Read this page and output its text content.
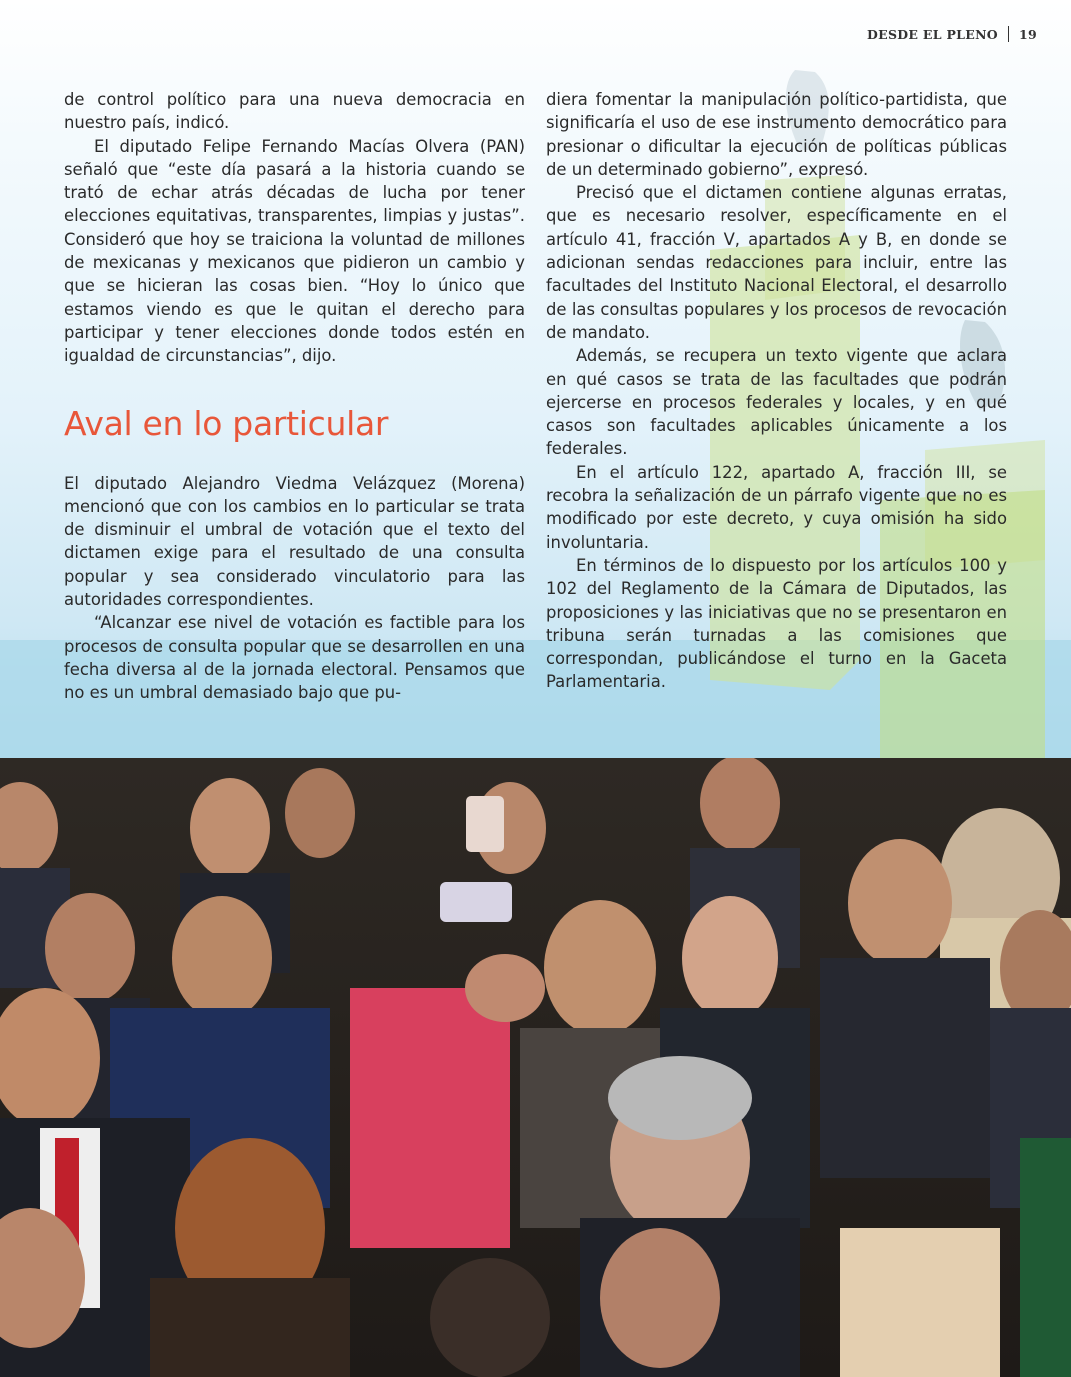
DESDE EL PLENO 19

de control político para una nueva democracia en nuestro país, indicó.

El diputado Felipe Fernando Macías Olvera (PAN) señaló que “este día pasará a la historia cuando se trató de echar atrás décadas de lucha por tener elecciones equitativas, transparentes, limpias y justas”. Consideró que hoy se traiciona la voluntad de millones de mexicanas y mexicanos que pidieron un cambio y que se hicieran las cosas bien. “Hoy lo único que estamos viendo es que le quitan el derecho para participar y tener elecciones donde todos estén en igualdad de circunstancias”, dijo.

Aval en lo particular

El diputado Alejandro Viedma Velázquez (Morena) mencionó que con los cambios en lo particular se trata de disminuir el umbral de votación que el texto del dictamen exige para el resultado de una consulta popular y sea considerado vinculatorio para las autoridades correspondientes.

“Alcanzar ese nivel de votación es factible para los procesos de consulta popular que se desarrollen en una fecha diversa al de la jornada electoral. Pensamos que no es un umbral demasiado bajo que pu-

diera fomentar la manipulación político-partidista, que significaría el uso de ese instrumento democrático para presionar o dificultar la ejecución de políticas públicas de un determinado gobierno”, expresó.

Precisó que el dictamen contiene algunas erratas, que es necesario resolver, específicamente en el artículo 41, fracción V, apartados A y B, en donde se adicionan sendas redacciones para incluir, entre las facultades del Instituto Nacional Electoral, el desarrollo de las consultas populares y los procesos de revocación de mandato.

Además, se recupera un texto vigente que aclara en qué casos se trata de las facultades que podrán ejercerse en procesos federales y locales, y en qué casos son facultades aplicables únicamente a los federales.

En el artículo 122, apartado A, fracción III, se recobra la señalización de un párrafo vigente que no es modificado por este decreto, y cuya omisión ha sido involuntaria.

En términos de lo dispuesto por los artículos 100 y 102 del Reglamento de la Cámara de Diputados, las proposiciones y las iniciativas que no se presentaron en tribuna serán turnadas a las comisiones que correspondan, publicándose el turno en la Gaceta Parlamentaria.
